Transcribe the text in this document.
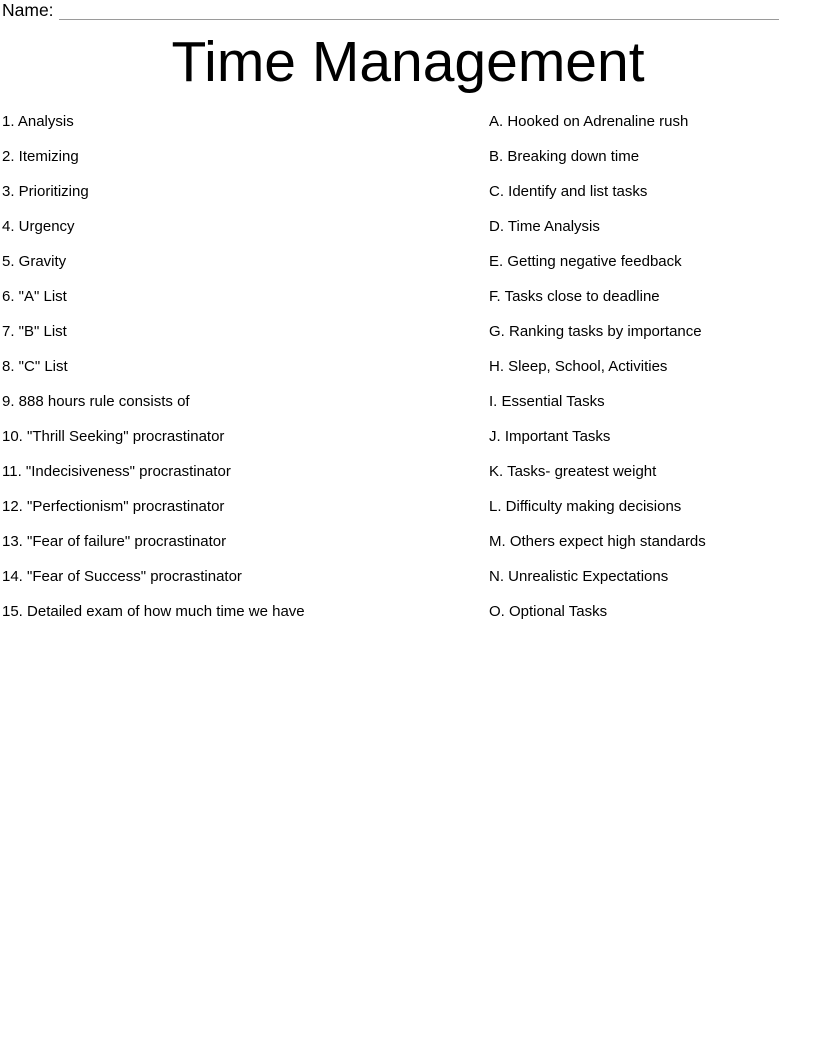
Name:
Time Management
1. Analysis
2. Itemizing
3. Prioritizing
4. Urgency
5. Gravity
6. "A" List
7. "B" List
8. "C" List
9. 888 hours rule consists of
10. "Thrill Seeking" procrastinator
11. "Indecisiveness" procrastinator
12. "Perfectionism" procrastinator
13. "Fear of failure" procrastinator
14. "Fear of Success" procrastinator
15. Detailed exam of how much time we have
A. Hooked on Adrenaline rush
B. Breaking down time
C. Identify and list tasks
D. Time Analysis
E. Getting negative feedback
F. Tasks close to deadline
G. Ranking tasks by importance
H. Sleep, School, Activities
I. Essential Tasks
J. Important Tasks
K. Tasks- greatest weight
L. Difficulty making decisions
M. Others expect high standards
N. Unrealistic Expectations
O. Optional Tasks
